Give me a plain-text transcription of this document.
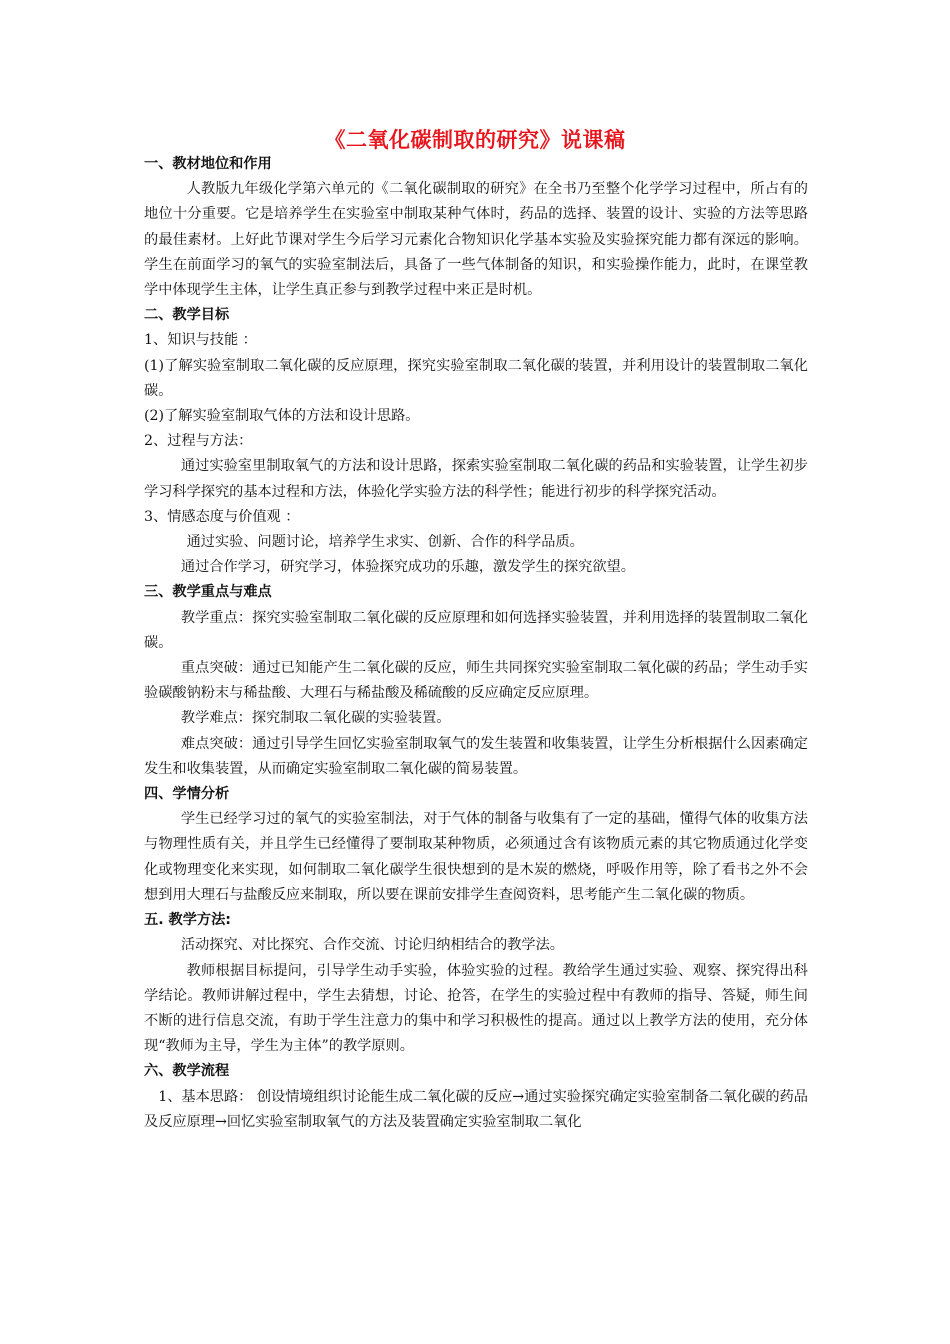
《二氧化碳制取的研究》说课稿

一、教材地位和作用

人教版九年级化学第六单元的《二氧化碳制取的研究》在全书乃至整个化学学习过程中，所占有的地位十分重要。它是培养学生在实验室中制取某种气体时，药品的选择、装置的设计、实验的方法等思路的最佳素材。上好此节课对学生今后学习元素化合物知识化学基本实验及实验探究能力都有深远的影响。学生在前面学习的氧气的实验室制法后，具备了一些气体制备的知识，和实验操作能力，此时，在课堂教学中体现学生主体，让学生真正参与到教学过程中来正是时机。

二、教学目标

1、知识与技能 ：

(1)了解实验室制取二氧化碳的反应原理，探究实验室制取二氧化碳的装置，并利用设计的装置制取二氧化碳。

(2)了解实验室制取气体的方法和设计思路。

2、过程与方法：

通过实验室里制取氧气的方法和设计思路，探索实验室制取二氧化碳的药品和实验装置，让学生初步学习科学探究的基本过程和方法，体验化学实验方法的科学性；能进行初步的科学探究活动。

3、情感态度与价值观 ：

通过实验、问题讨论，培养学生求实、创新、合作的科学品质。

通过合作学习，研究学习，体验探究成功的乐趣，激发学生的探究欲望。

三、教学重点与难点

教学重点：探究实验室制取二氧化碳的反应原理和如何选择实验装置，并利用选择的装置制取二氧化碳。

重点突破：通过已知能产生二氧化碳的反应，师生共同探究实验室制取二氧化碳的药品；学生动手实验碳酸钠粉末与稀盐酸、大理石与稀盐酸及稀硫酸的反应确定反应原理。

教学难点：探究制取二氧化碳的实验装置。

难点突破：通过引导学生回忆实验室制取氧气的发生装置和收集装置，让学生分析根据什么因素确定发生和收集装置，从而确定实验室制取二氧化碳的简易装置。

四、学情分析

学生已经学习过的氧气的实验室制法，对于气体的制备与收集有了一定的基础，懂得气体的收集方法与物理性质有关，并且学生已经懂得了要制取某种物质，必须通过含有该物质元素的其它物质通过化学变化或物理变化来实现，如何制取二氧化碳学生很快想到的是木炭的燃烧，呼吸作用等，除了看书之外不会想到用大理石与盐酸反应来制取，所以要在课前安排学生查阅资料，思考能产生二氧化碳的物质。

五. 教学方法:

活动探究、对比探究、合作交流、讨论归纳相结合的教学法。

教师根据目标提问，引导学生动手实验，体验实验的过程。教给学生通过实验、观察、探究得出科学结论。教师讲解过程中，学生去猜想，讨论、抢答，在学生的实验过程中有教师的指导、答疑，师生间不断的进行信息交流，有助于学生注意力的集中和学习积极性的提高。通过以上教学方法的使用，充分体现“教师为主导，学生为主体”的教学原则。

六、教学流程

1、基本思路： 创设情境组织讨论能生成二氧化碳的反应→通过实验探究确定实验室制备二氧化碳的药品及反应原理→回忆实验室制取氧气的方法及装置确定实验室制取二氧化
